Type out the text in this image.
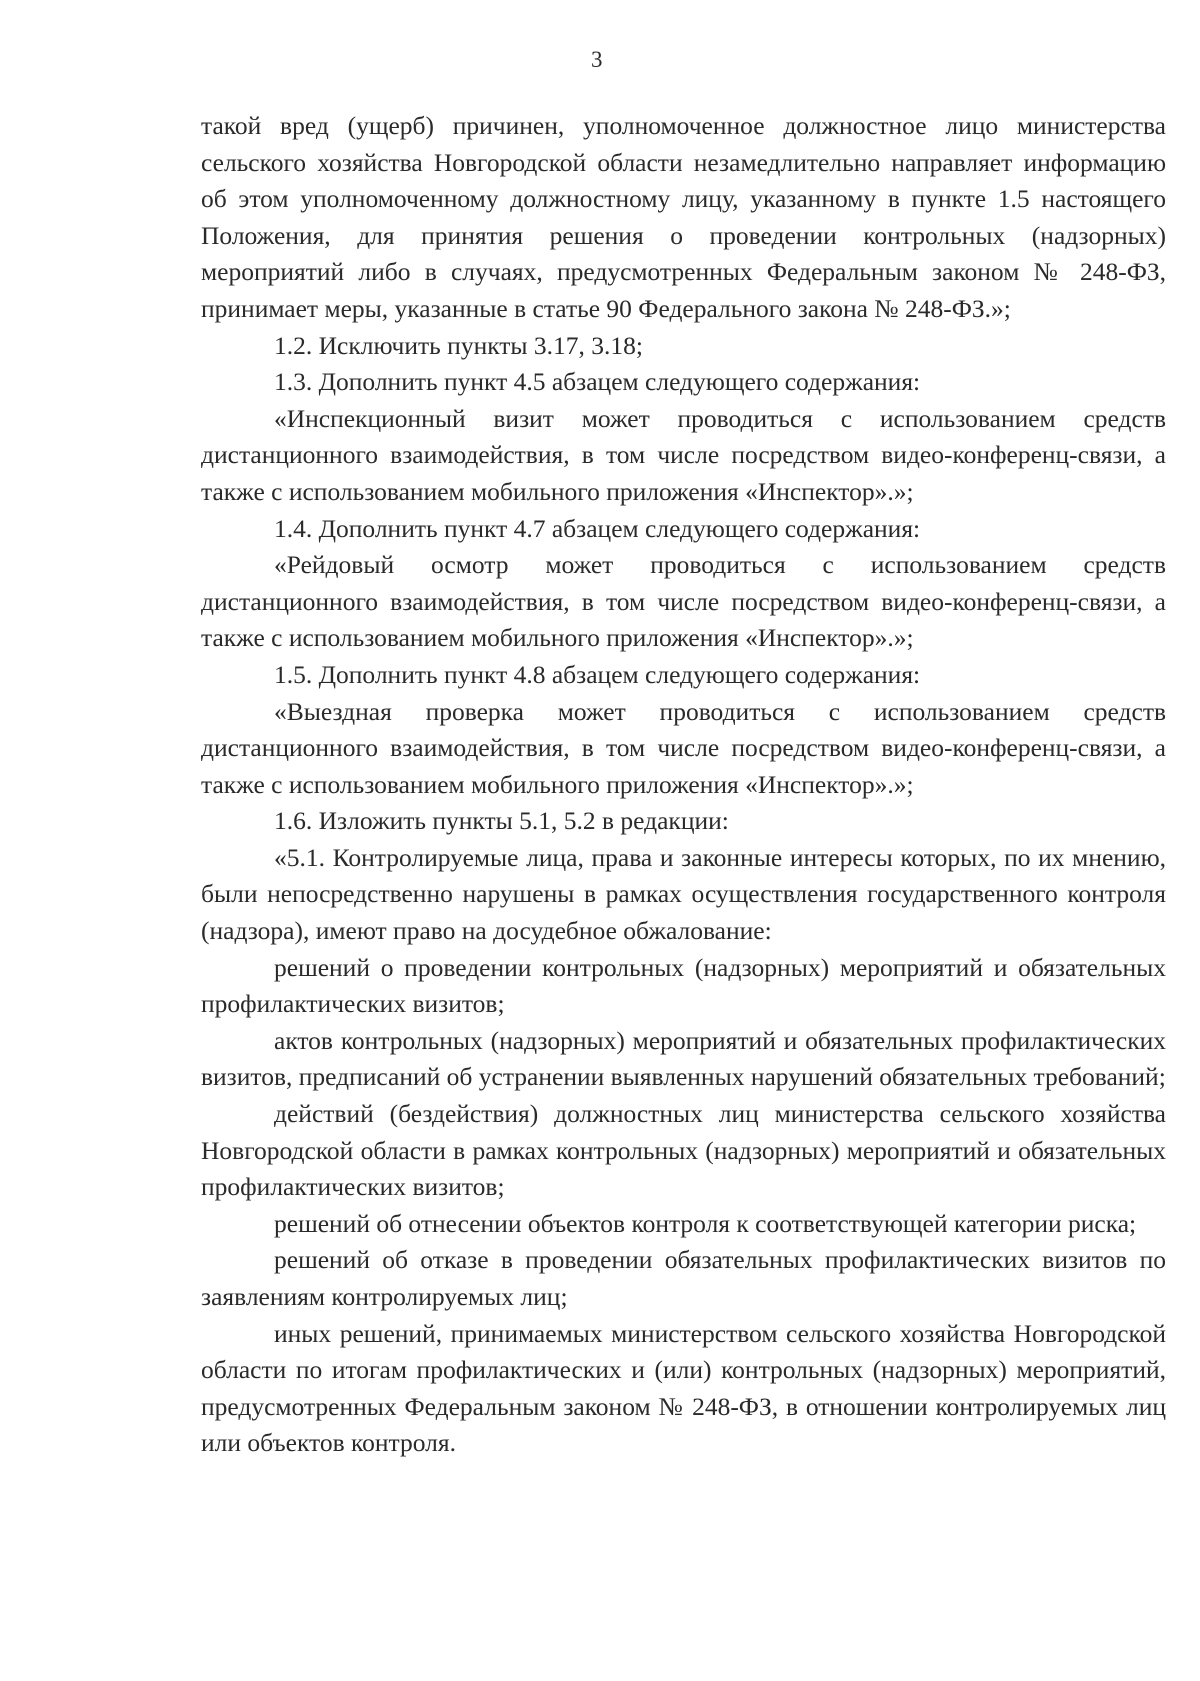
3

такой вред (ущерб) причинен, уполномоченное должностное лицо министерства сельского хозяйства Новгородской области незамедлительно направляет информацию об этом уполномоченному должностному лицу, указанному в пункте 1.5 настоящего Положения, для принятия решения о проведении контрольных (надзорных) мероприятий либо в случаях, предусмотренных Федеральным законом № 248-ФЗ, принимает меры, указанные в статье 90 Федерального закона № 248-ФЗ.»;

1.2. Исключить пункты 3.17, 3.18;

1.3. Дополнить пункт 4.5 абзацем следующего содержания:

«Инспекционный визит может проводиться с использованием средств дистанционного взаимодействия, в том числе посредством видео-конференц-связи, а также с использованием мобильного приложения «Инспектор».»;

1.4. Дополнить пункт 4.7 абзацем следующего содержания:

«Рейдовый осмотр может проводиться с использованием средств дистанционного взаимодействия, в том числе посредством видео-конференц-связи, а также с использованием мобильного приложения «Инспектор».»;

1.5. Дополнить пункт 4.8 абзацем следующего содержания:

«Выездная проверка может проводиться с использованием средств дистанционного взаимодействия, в том числе посредством видео-конференц-связи, а также с использованием мобильного приложения «Инспектор».»;

1.6. Изложить пункты 5.1, 5.2 в редакции:

«5.1. Контролируемые лица, права и законные интересы которых, по их мнению, были непосредственно нарушены в рамках осуществления государственного контроля (надзора), имеют право на досудебное обжалование:

решений о проведении контрольных (надзорных) мероприятий и обязательных профилактических визитов;

актов контрольных (надзорных) мероприятий и обязательных профилактических визитов, предписаний об устранении выявленных нарушений обязательных требований;

действий (бездействия) должностных лиц министерства сельского хозяйства Новгородской области в рамках контрольных (надзорных) мероприятий и обязательных профилактических визитов;

решений об отнесении объектов контроля к соответствующей категории риска;

решений об отказе в проведении обязательных профилактических визитов по заявлениям контролируемых лиц;

иных решений, принимаемых министерством сельского хозяйства Новгородской области по итогам профилактических и (или) контрольных (надзорных) мероприятий, предусмотренных Федеральным законом № 248-ФЗ, в отношении контролируемых лиц или объектов контроля.
